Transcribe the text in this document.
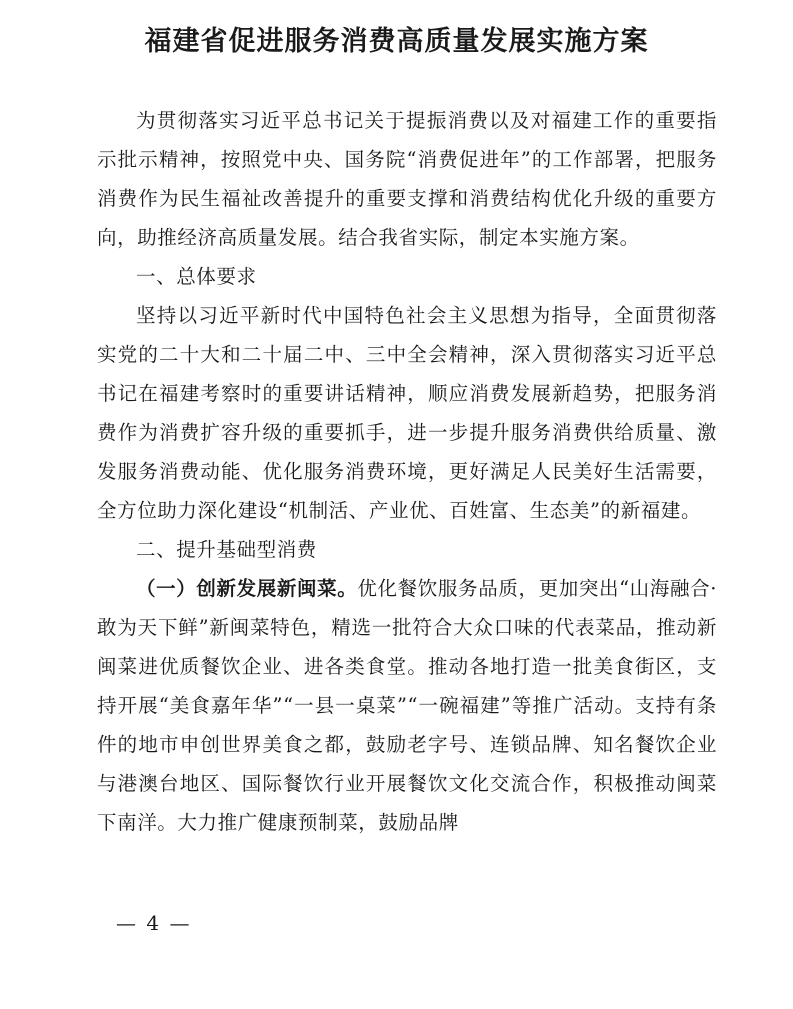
福建省促进服务消费高质量发展实施方案

为贯彻落实习近平总书记关于提振消费以及对福建工作的重要指示批示精神，按照党中央、国务院“消费促进年”的工作部署，把服务消费作为民生福祉改善提升的重要支撑和消费结构优化升级的重要方向，助推经济高质量发展。结合我省实际，制定本实施方案。

一、总体要求

坚持以习近平新时代中国特色社会主义思想为指导，全面贯彻落实党的二十大和二十届二中、三中全会精神，深入贯彻落实习近平总书记在福建考察时的重要讲话精神，顺应消费发展新趋势，把服务消费作为消费扩容升级的重要抓手，进一步提升服务消费供给质量、激发服务消费动能、优化服务消费环境，更好满足人民美好生活需要，全方位助力深化建设“机制活、产业优、百姓富、生态美”的新福建。

二、提升基础型消费

（一）创新发展新闽菜。优化餐饮服务品质，更加突出“山海融合·敢为天下鲜”新闽菜特色，精选一批符合大众口味的代表菜品，推动新闽菜进优质餐饮企业、进各类食堂。推动各地打造一批美食街区，支持开展“美食嘉年华”“一县一桌菜”“一碗福建”等推广活动。支持有条件的地市申创世界美食之都，鼓励老字号、连锁品牌、知名餐饮企业与港澳台地区、国际餐饮行业开展餐饮文化交流合作，积极推动闽菜下南洋。大力推广健康预制菜，鼓励品牌

— 4 —
